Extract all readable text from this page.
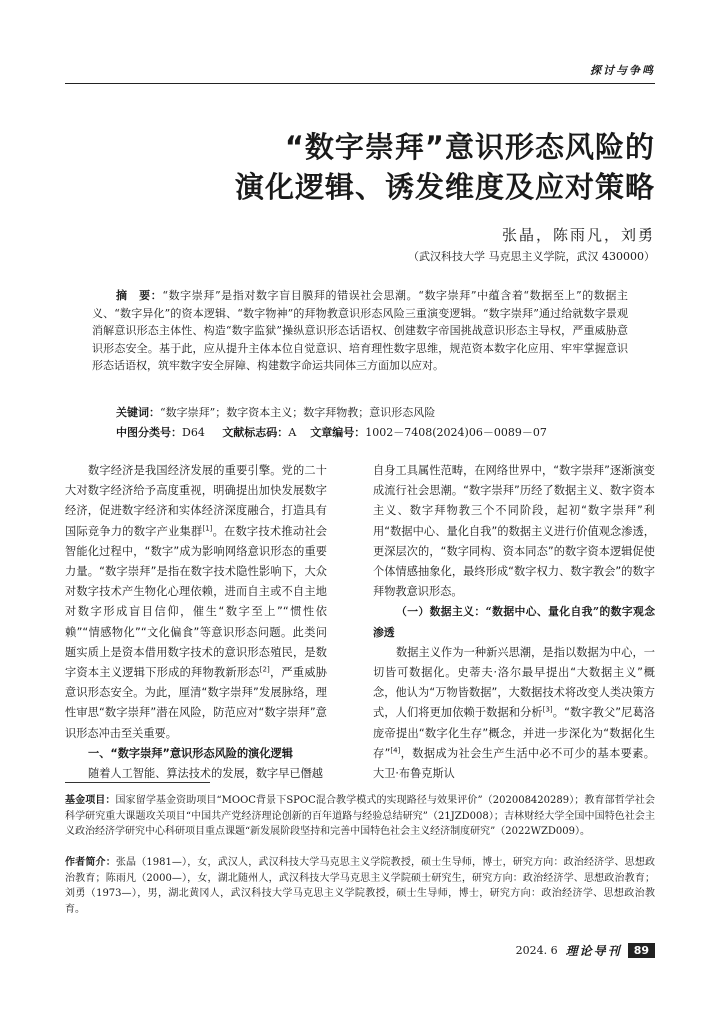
探讨与争鸣
“数字崇拜”意识形态风险的
演化逻辑、诱发维度及应对策略
张晶，陈雨凡，刘勇
（武汉科技大学 马克思主义学院，武汉 430000）
摘　要：“数字崇拜”是指对数字盲目膜拜的错误社会思潮。“数字崇拜”中蕴含着“数据至上”的数据主义、“数字异化”的资本逻辑、“数字物神”的拜物教意识形态风险三重演变逻辑。“数字崇拜”通过给就数字景观消解意识形态主体性、构造“数字监狱”操纵意识形态话语权、创建数字帝国挑战意识形态主导权，严重威胁意识形态安全。基于此，应从提升主体本位自觉意识、培育理性数字思维，规范资本数字化应用、牢牢掌握意识形态话语权，筑牢数字安全屏障、构建数字命运共同体三方面加以应对。
关键词：“数字崇拜”；数字资本主义；数字拜物教；意识形态风险
中图分类号：D64 文献标志码：A 文章编号：1002－7408(2024)06－0089－07

数字经济是我国经济发展的重要引擎。党的二十大对数字经济给予高度重视，明确提出加快发展数字经济，促进数字经济和实体经济深度融合，打造具有国际竞争力的数字产业集群[1]。在数字技术推动社会智能化过程中，“数字”成为影响网络意识形态的重要力量。“数字崇拜”是指在数字技术隐性影响下，大众对数字技术产生物化心理依赖，进而自主或不自主地对数字形成盲目信仰，催生“数字至上”“惯性依赖”“情感物化”“文化偏食”等意识形态问题。此类问题实质上是资本借用数字技术的意识形态殖民，是数字资本主义逻辑下形成的拜物教新形态[2]，严重威胁意识形态安全。为此，厘清“数字崇拜”发展脉络，理性审思“数字崇拜”潜在风险，防范应对“数字崇拜”意识形态冲击至关重要。

一、“数字崇拜”意识形态风险的演化逻辑

随着人工智能、算法技术的发展，数字早已僭越

自身工具属性范畴，在网络世界中，“数字崇拜”逐渐演变成流行社会思潮。“数字崇拜”历经了数据主义、数字资本主义、数字拜物教三个不同阶段，起初“数字崇拜”利用“数据中心、量化自我”的数据主义进行价值观念渗透，更深层次的，“数字同构、资本同态”的数字资本逻辑促使个体情感抽象化，最终形成“数字权力、数字教会”的数字拜物教意识形态。

（一）数据主义：“数据中心、量化自我”的数字观念渗透

数据主义作为一种新兴思潮，是指以数据为中心，一切皆可数据化。史蒂夫·洛尔最早提出“大数据主义”概念，他认为“万物皆数据”，大数据技术将改变人类决策方式，人们将更加依赖于数据和分析[3]。“数字教父”尼葛洛庞帝提出“数字化生存”概念，并进一步深化为“数据化生存”[4]，数据成为社会生产生活中必不可少的基本要素。大卫·布鲁克斯认

基金项目：国家留学基金资助项目“MOOC背景下SPOC混合教学模式的实现路径与效果评价”（202008420289）；教育部哲学社会科学研究重大课题攻关项目“中国共产党经济理论创新的百年道路与经验总结研究”（21JZD008）；吉林财经大学全国中国特色社会主义政治经济学研究中心科研项目重点课题“新发展阶段坚持和完善中国特色社会主义经济制度研究”（2022WZD009）。
作者简介：张晶（1981—），女，武汉人，武汉科技大学马克思主义学院教授，硕士生导师，博士，研究方向：政治经济学、思想政治教育；陈雨凡（2000—），女，湖北随州人，武汉科技大学马克思主义学院硕士研究生，研究方向：政治经济学、思想政治教育；刘勇（1973—），男，湖北黄冈人，武汉科技大学马克思主义学院教授，硕士生导师，博士，研究方向：政治经济学、思想政治教育。
2024. 6 理论导刊	89
